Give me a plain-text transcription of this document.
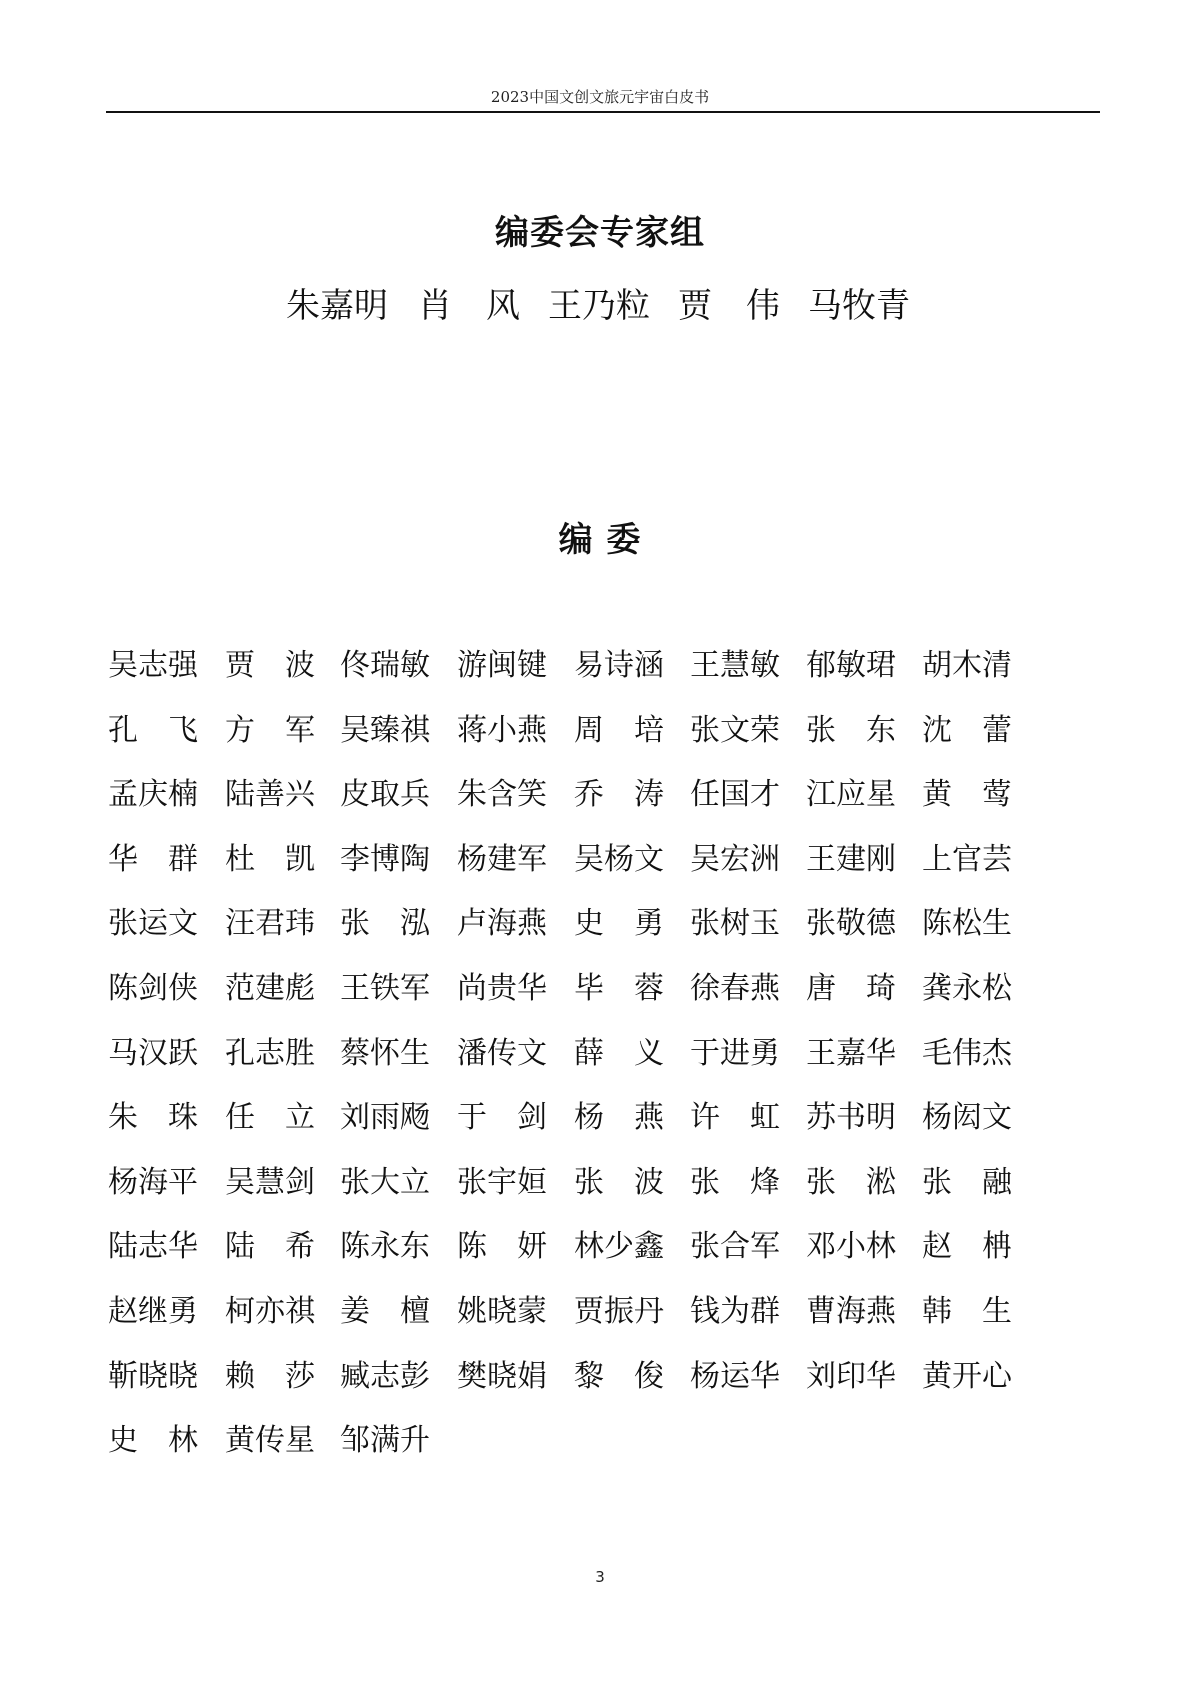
2023中国文创文旅元宇宙白皮书
编委会专家组
朱嘉明 肖　风 王乃粒 贾　伟 马牧青
编 委
吴志强 贾　波 佟瑞敏 游闽键 易诗涵 王慧敏 郁敏珺 胡木清
孔　飞 方　军 吴臻祺 蒋小燕 周　培 张文荣 张　东 沈　蕾
孟庆楠 陆善兴 皮取兵 朱含笑 乔　涛 任国才 江应星 黄　莺
华　群 杜　凯 李博陶 杨建军 吴杨文 吴宏洲 王建刚 上官芸
张运文 汪君玮 张　泓 卢海燕 史　勇 张树玉 张敬德 陈松生
陈剑侠 范建彪 王铁军 尚贵华 毕　蓉 徐春燕 唐　琦 龚永松
马汉跃 孔志胜 蔡怀生 潘传文 薛　义 于进勇 王嘉华 毛伟杰
朱　珠 任　立 刘雨飏 于　剑 杨　燕 许　虹 苏书明 杨闳文
杨海平 吴慧剑 张大立 张宇姮 张　波 张　烽 张　淞 张　融
陆志华 陆　希 陈永东 陈　妍 林少鑫 张合军 邓小林 赵　柟
赵继勇 柯亦祺 姜　檀 姚晓蒙 贾振丹 钱为群 曹海燕 韩　生
靳晓晓 赖　莎 臧志彭 樊晓娟 黎　俊 杨运华 刘印华 黄开心
史　林 黄传星 邹满升
3
